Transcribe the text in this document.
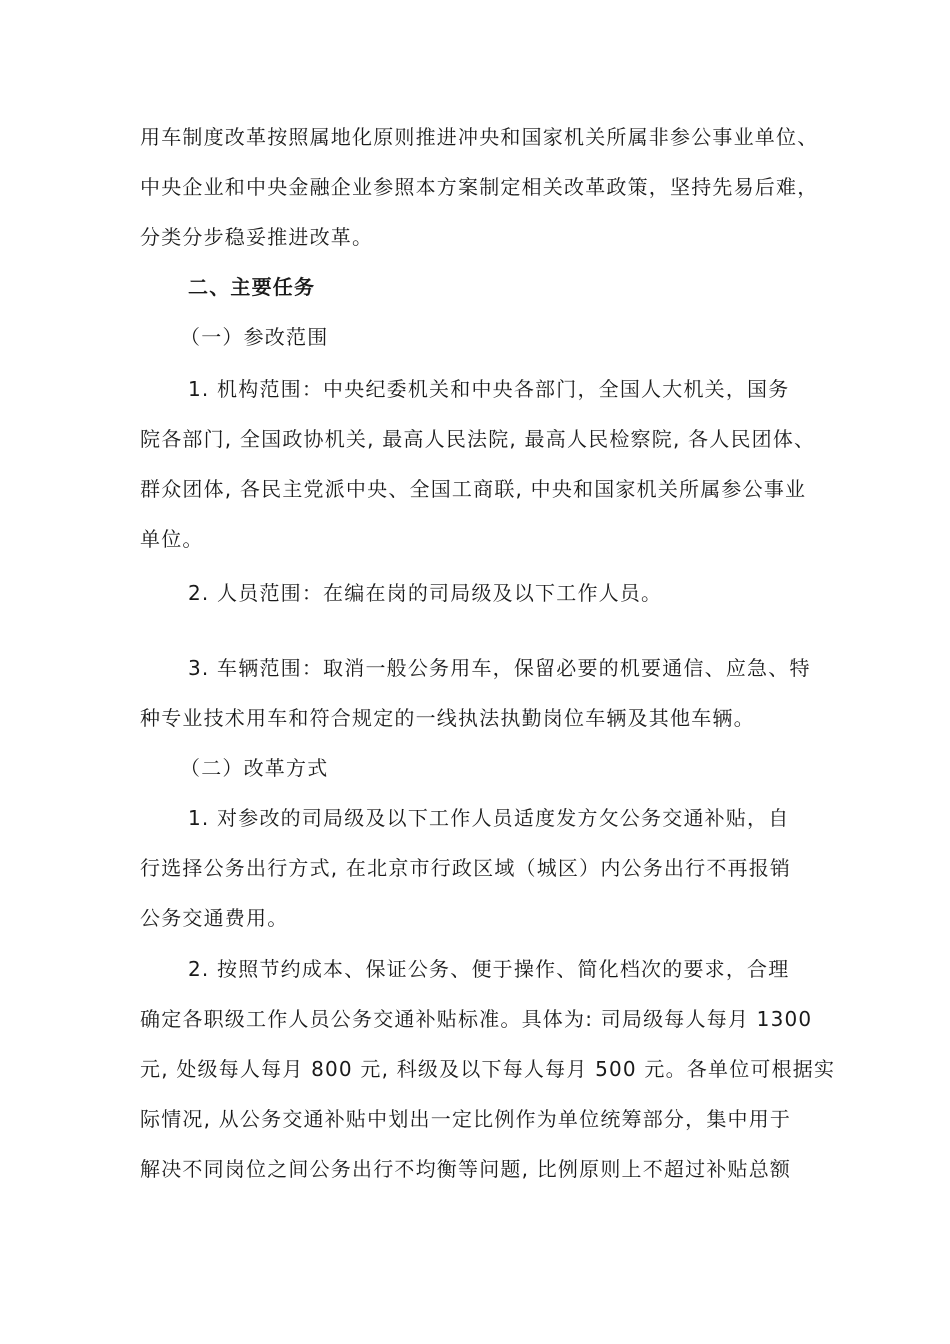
用车制度改革按照属地化原则推进冲央和国家机关所属非参公事业单位、
中央企业和中央金融企业参照本方案制定相关改革政策，坚持先易后难，
分类分步稳妥推进改革。
二、主要任务
（一）参改范围
1. 机构范围：中央纪委机关和中央各部门，全国人大机关，国务
院各部门, 全国政协机关, 最高人民法院, 最高人民检察院, 各人民团体、
群众团体, 各民主党派中央、全国工商联, 中央和国家机关所属参公事业
单位。
2. 人员范围：在编在岗的司局级及以下工作人员。
3. 车辆范围：取消一般公务用车，保留必要的机要通信、应急、特
种专业技术用车和符合规定的一线执法执勤岗位车辆及其他车辆。
（二）改革方式
1. 对参改的司局级及以下工作人员适度发方攵公务交通补贴，自
行选择公务出行方式, 在北京市行政区域（城区）内公务出行不再报销
公务交通费用。
2. 按照节约成本、保证公务、便于操作、简化档次的要求，合理
确定各职级工作人员公务交通补贴标准。具体为: 司局级每人每月 1300
元, 处级每人每月 800 元, 科级及以下每人每月 500 元。各单位可根据实
际情况, 从公务交通补贴中划出一定比例作为单位统筹部分，集中用于
解决不同岗位之间公务出行不均衡等问题, 比例原则上不超过补贴总额
